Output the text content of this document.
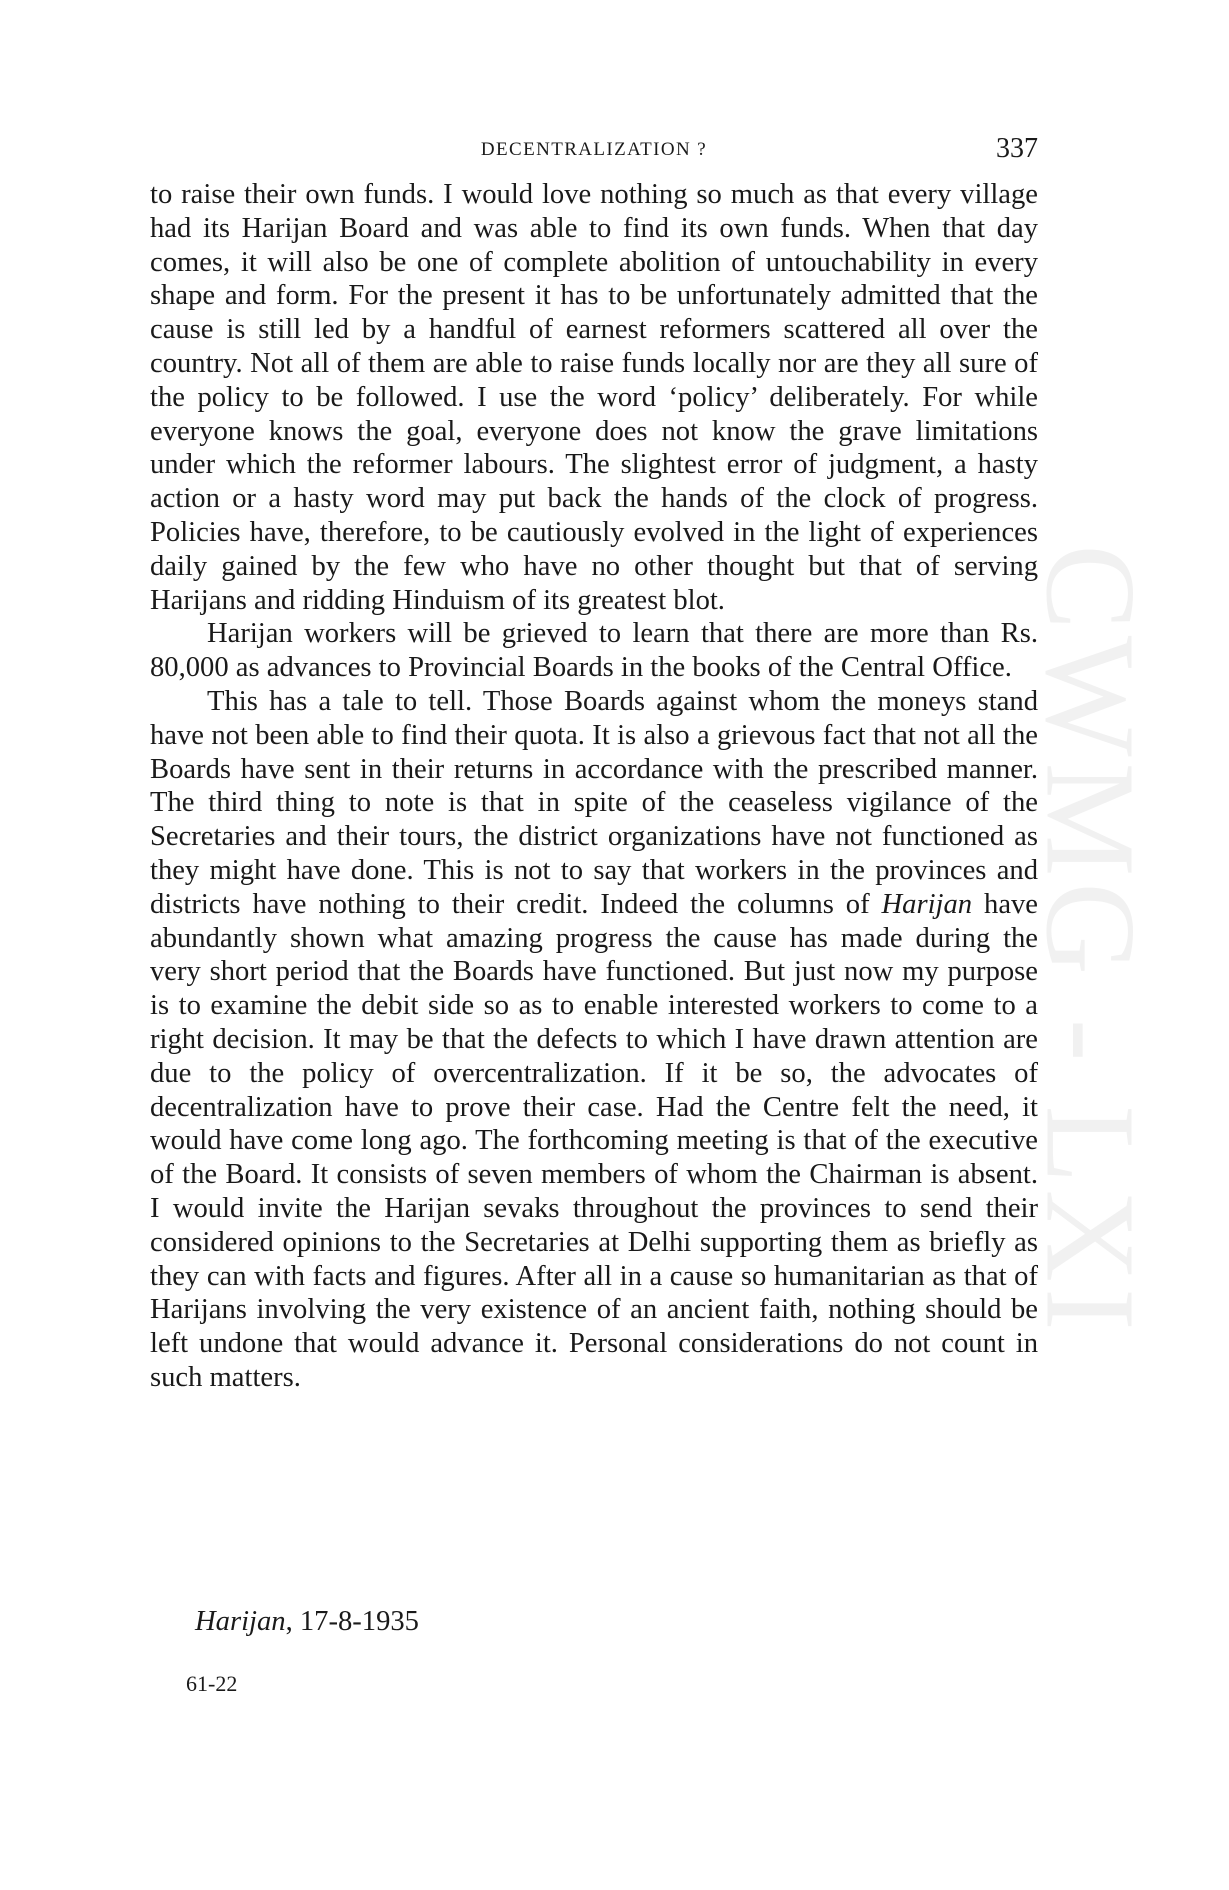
CWMG - LXI
DECENTRALIZATION ?	337

to raise their own funds. I would love nothing so much as that every village had its Harijan Board and was able to find its own funds. When that day comes, it will also be one of complete abolition of untouchability in every shape and form. For the present it has to be unfortunately admitted that the cause is still led by a handful of earnest reformers scattered all over the country. Not all of them are able to raise funds locally nor are they all sure of the policy to be followed. I use the word ‘policy’ deliberately. For while everyone knows the goal, everyone does not know the grave limitations under which the reformer labours. The slightest error of judgment, a hasty action or a hasty word may put back the hands of the clock of progress. Policies have, therefore, to be cautiously evolved in the light of experiences daily gained by the few who have no other thought but that of serving Harijans and ridding Hinduism of its greatest blot.

Harijan workers will be grieved to learn that there are more than Rs. 80,000 as advances to Provincial Boards in the books of the Central Office.

This has a tale to tell. Those Boards against whom the moneys stand have not been able to find their quota. It is also a grievous fact that not all the Boards have sent in their returns in accordance with the prescribed manner. The third thing to note is that in spite of the ceaseless vigilance of the Secretaries and their tours, the district organizations have not functioned as they might have done. This is not to say that workers in the provinces and districts have nothing to their credit. Indeed the columns of Harijan have abundantly shown what amazing progress the cause has made during the very short period that the Boards have functioned. But just now my purpose is to examine the debit side so as to enable interested workers to come to a right decision. It may be that the defects to which I have drawn attention are due to the policy of overcentralization. If it be so, the advocates of decentralization have to prove their case. Had the Centre felt the need, it would have come long ago. The forthcoming meeting is that of the executive of the Board. It consists of seven members of whom the Chairman is absent. I would invite the Harijan sevaks throughout the provinces to send their considered opinions to the Secretaries at Delhi supporting them as briefly as they can with facts and figures. After all in a cause so humanitarian as that of Harijans involving the very existence of an ancient faith, nothing should be left undone that would advance it. Personal considerations do not count in such matters.

Harijan, 17-8-1935
61-22
